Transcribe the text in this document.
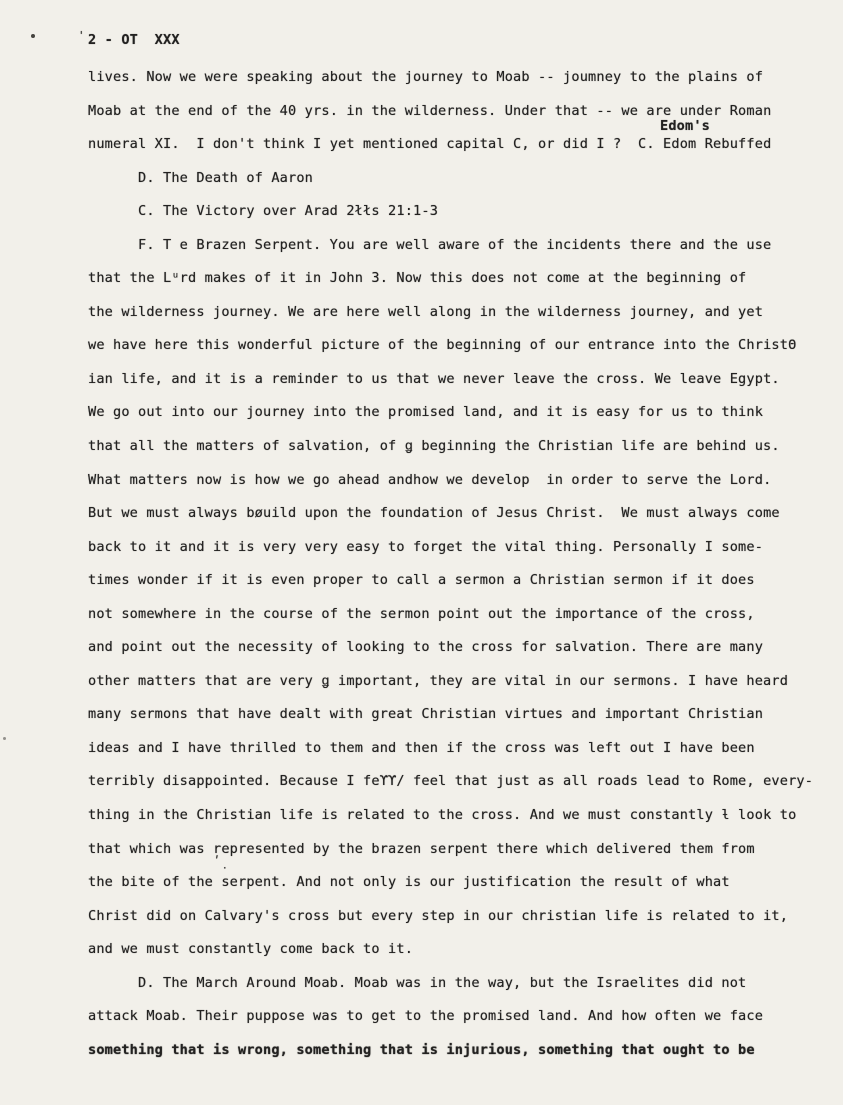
' 2 - OT  XXX
lives. Now we were speaking about the journey to Moab -- joumney to the plains of
Moab at the end of the 40 yrs. in the wilderness. Under that -- we are under Roman
numeral XI.  I don't think I yet mentioned capital C, or did I ?  C. Edom Rebuffed
D. The Death of Aaron
C. The Victory over Arad 2łłs 21:1-3
F. T e Brazen Serpent. You are well aware of the incidents there and the use
that the Lᵘrd makes of it in John 3. Now this does not come at the beginning of
the wilderness journey. We are here well along in the wilderness journey, and yet
we have here this wonderful picture of the beginning of our entrance into the ChristΘ
ian life, and it is a reminder to us that we never leave the cross. We leave Egypt.
We go out into our journey into the promised land, and it is easy for us to think
that all the matters of salvation, of ǥ beginning the Christian life are behind us.
What matters now is how we go ahead andhow we develop  in order to serve the Lord.
But we must always bøuild upon the foundation of Jesus Christ.  We must always come
back to it and it is very very easy to forget the vital thing. Personally I some-
times wonder if it is even proper to call a sermon a Christian sermon if it does
not somewhere in the course of the sermon point out the importance of the cross,
and point out the necessity of looking to the cross for salvation. There are many
other matters that are very ǥ important, they are vital in our sermons. I have heard
many sermons that have dealt with great Christian virtues and important Christian
ideas and I have thrilled to them and then if the cross was left out I have been
terribly disappointed. Because I feϒϒ/ feel that just as all roads lead to Rome, every-
thing in the Christian life is related to the cross. And we must constantly ƚ look to
that which was represented by the brazen serpent there which delivered them from
the bite of the serpent. And not only is our justification the result of what
Christ did on Calvary's cross but every step in our christian life is related to it,
and we must constantly come back to it.
D. The March Around Moab. Moab was in the way, but the Israelites did not
attack Moab. Their puppose was to get to the promised land. And how often we face
something that is wrong, something that is injurious, something that ought to be
Edom's
ʹ̣
